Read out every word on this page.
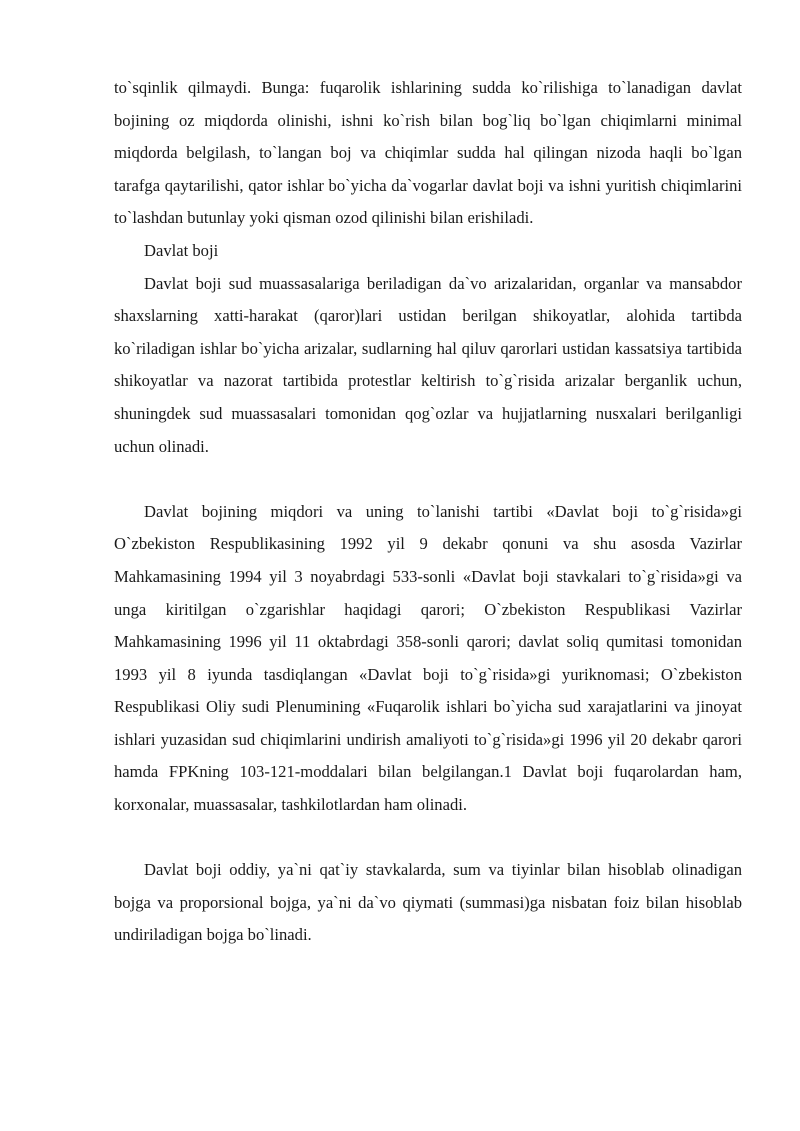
to`sqinlik qilmaydi. Bunga: fuqarolik ishlarining sudda ko`rilishiga to`lanadigan davlat bojining oz miqdorda olinishi, ishni ko`rish bilan bog`liq bo`lgan chiqimlarni minimal miqdorda belgilash, to`langan boj va chiqimlar sudda hal qilingan nizoda haqli bo`lgan tarafga qaytarilishi, qator ishlar bo`yicha da`vogarlar davlat boji va ishni yuritish chiqimlarini to`lashdan butunlay yoki qisman ozod qilinishi bilan erishiladi.

Davlat boji

Davlat boji sud muassasalariga beriladigan da`vo arizalaridan, organlar va mansabdor shaxslarning xatti-harakat (qaror)lari ustidan berilgan shikoyatlar, alohida tartibda ko`riladigan ishlar bo`yicha arizalar, sudlarning hal qiluv qarorlari ustidan kassatsiya tartibida shikoyatlar va nazorat tartibida protestlar keltirish to`g`risida arizalar berganlik uchun, shuningdek sud muassasalari tomonidan qog`ozlar va hujjatlarning nusxalari berilganligi uchun olinadi.

Davlat bojining miqdori va uning to`lanishi tartibi «Davlat boji to`g`risida»gi O`zbekiston Respublikasining 1992 yil 9 dekabr qonuni va shu asosda Vazirlar Mahkamasining 1994 yil 3 noyabrdagi 533-sonli «Davlat boji stavkalari to`g`risida»gi va unga kiritilgan o`zgarishlar haqidagi qarori; O`zbekiston Respublikasi Vazirlar Mahkamasining 1996 yil 11 oktabrdagi 358-sonli qarori; davlat soliq qumitasi tomonidan 1993 yil 8 iyunda tasdiqlangan «Davlat boji to`g`risida»gi yuriknomasi; O`zbekiston Respublikasi Oliy sudi Plenumining «Fuqarolik ishlari bo`yicha sud xarajatlarini va jinoyat ishlari yuzasidan sud chiqimlarini undirish amaliyoti to`g`risida»gi 1996 yil 20 dekabr qarori hamda FPKning 103-121-moddalari bilan belgilangan.1 Davlat boji fuqarolardan ham, korxonalar, muassasalar, tashkilotlardan ham olinadi.

Davlat boji oddiy, ya`ni qat`iy stavkalarda, sum va tiyinlar bilan hisoblab olinadigan bojga va proporsional bojga, ya`ni da`vo qiymati (summasi)ga nisbatan foiz bilan hisoblab undiriladigan bojga bo`linadi.
